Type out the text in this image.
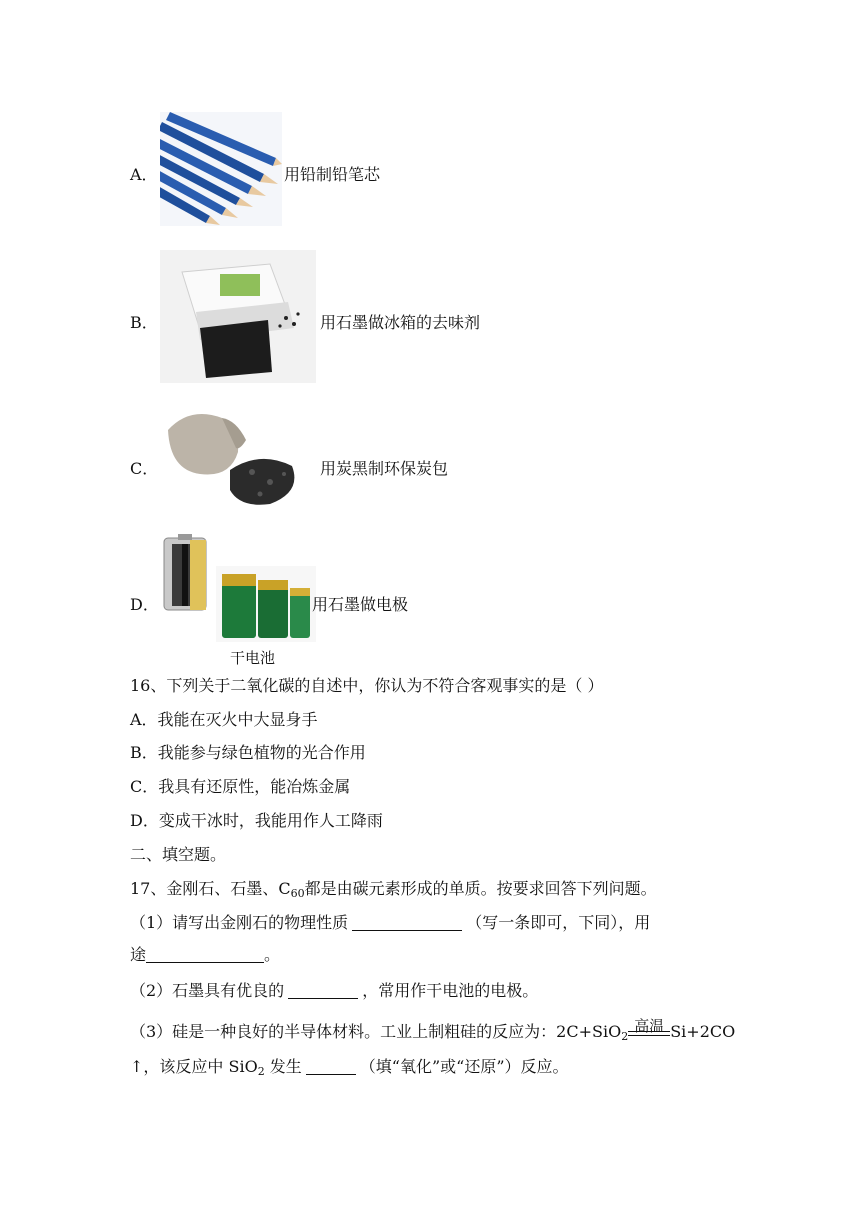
A．	用铅制铅笔芯
B．	用石墨做冰箱的去味剂
C．	用炭黑制环保炭包
D．
干电池
用石墨做电极
16、下列关于二氧化碳的自述中，你认为不符合客观事实的是（ ）
A．我能在灭火中大显身手
B．我能参与绿色植物的光合作用
C．我具有还原性，能冶炼金属
D．变成干冰时，我能用作人工降雨
二、填空题。
17、金刚石、石墨、$C_{60}$都是由碳元素形成的单质。按要求回答下列问题。
（1）请写出金刚石的物理性质	（写一条即可，下同），用
途	。
（2）石墨具有优良的	，常用作干电池的电极。
（3）硅是一种良好的半导体材料。工业上制粗硅的反应为：2C+SiO$_2$
高温 Si+2CO
↑，该反应中 SiO$_2$ 发生	（填“氧化”或“还原”）反应。
